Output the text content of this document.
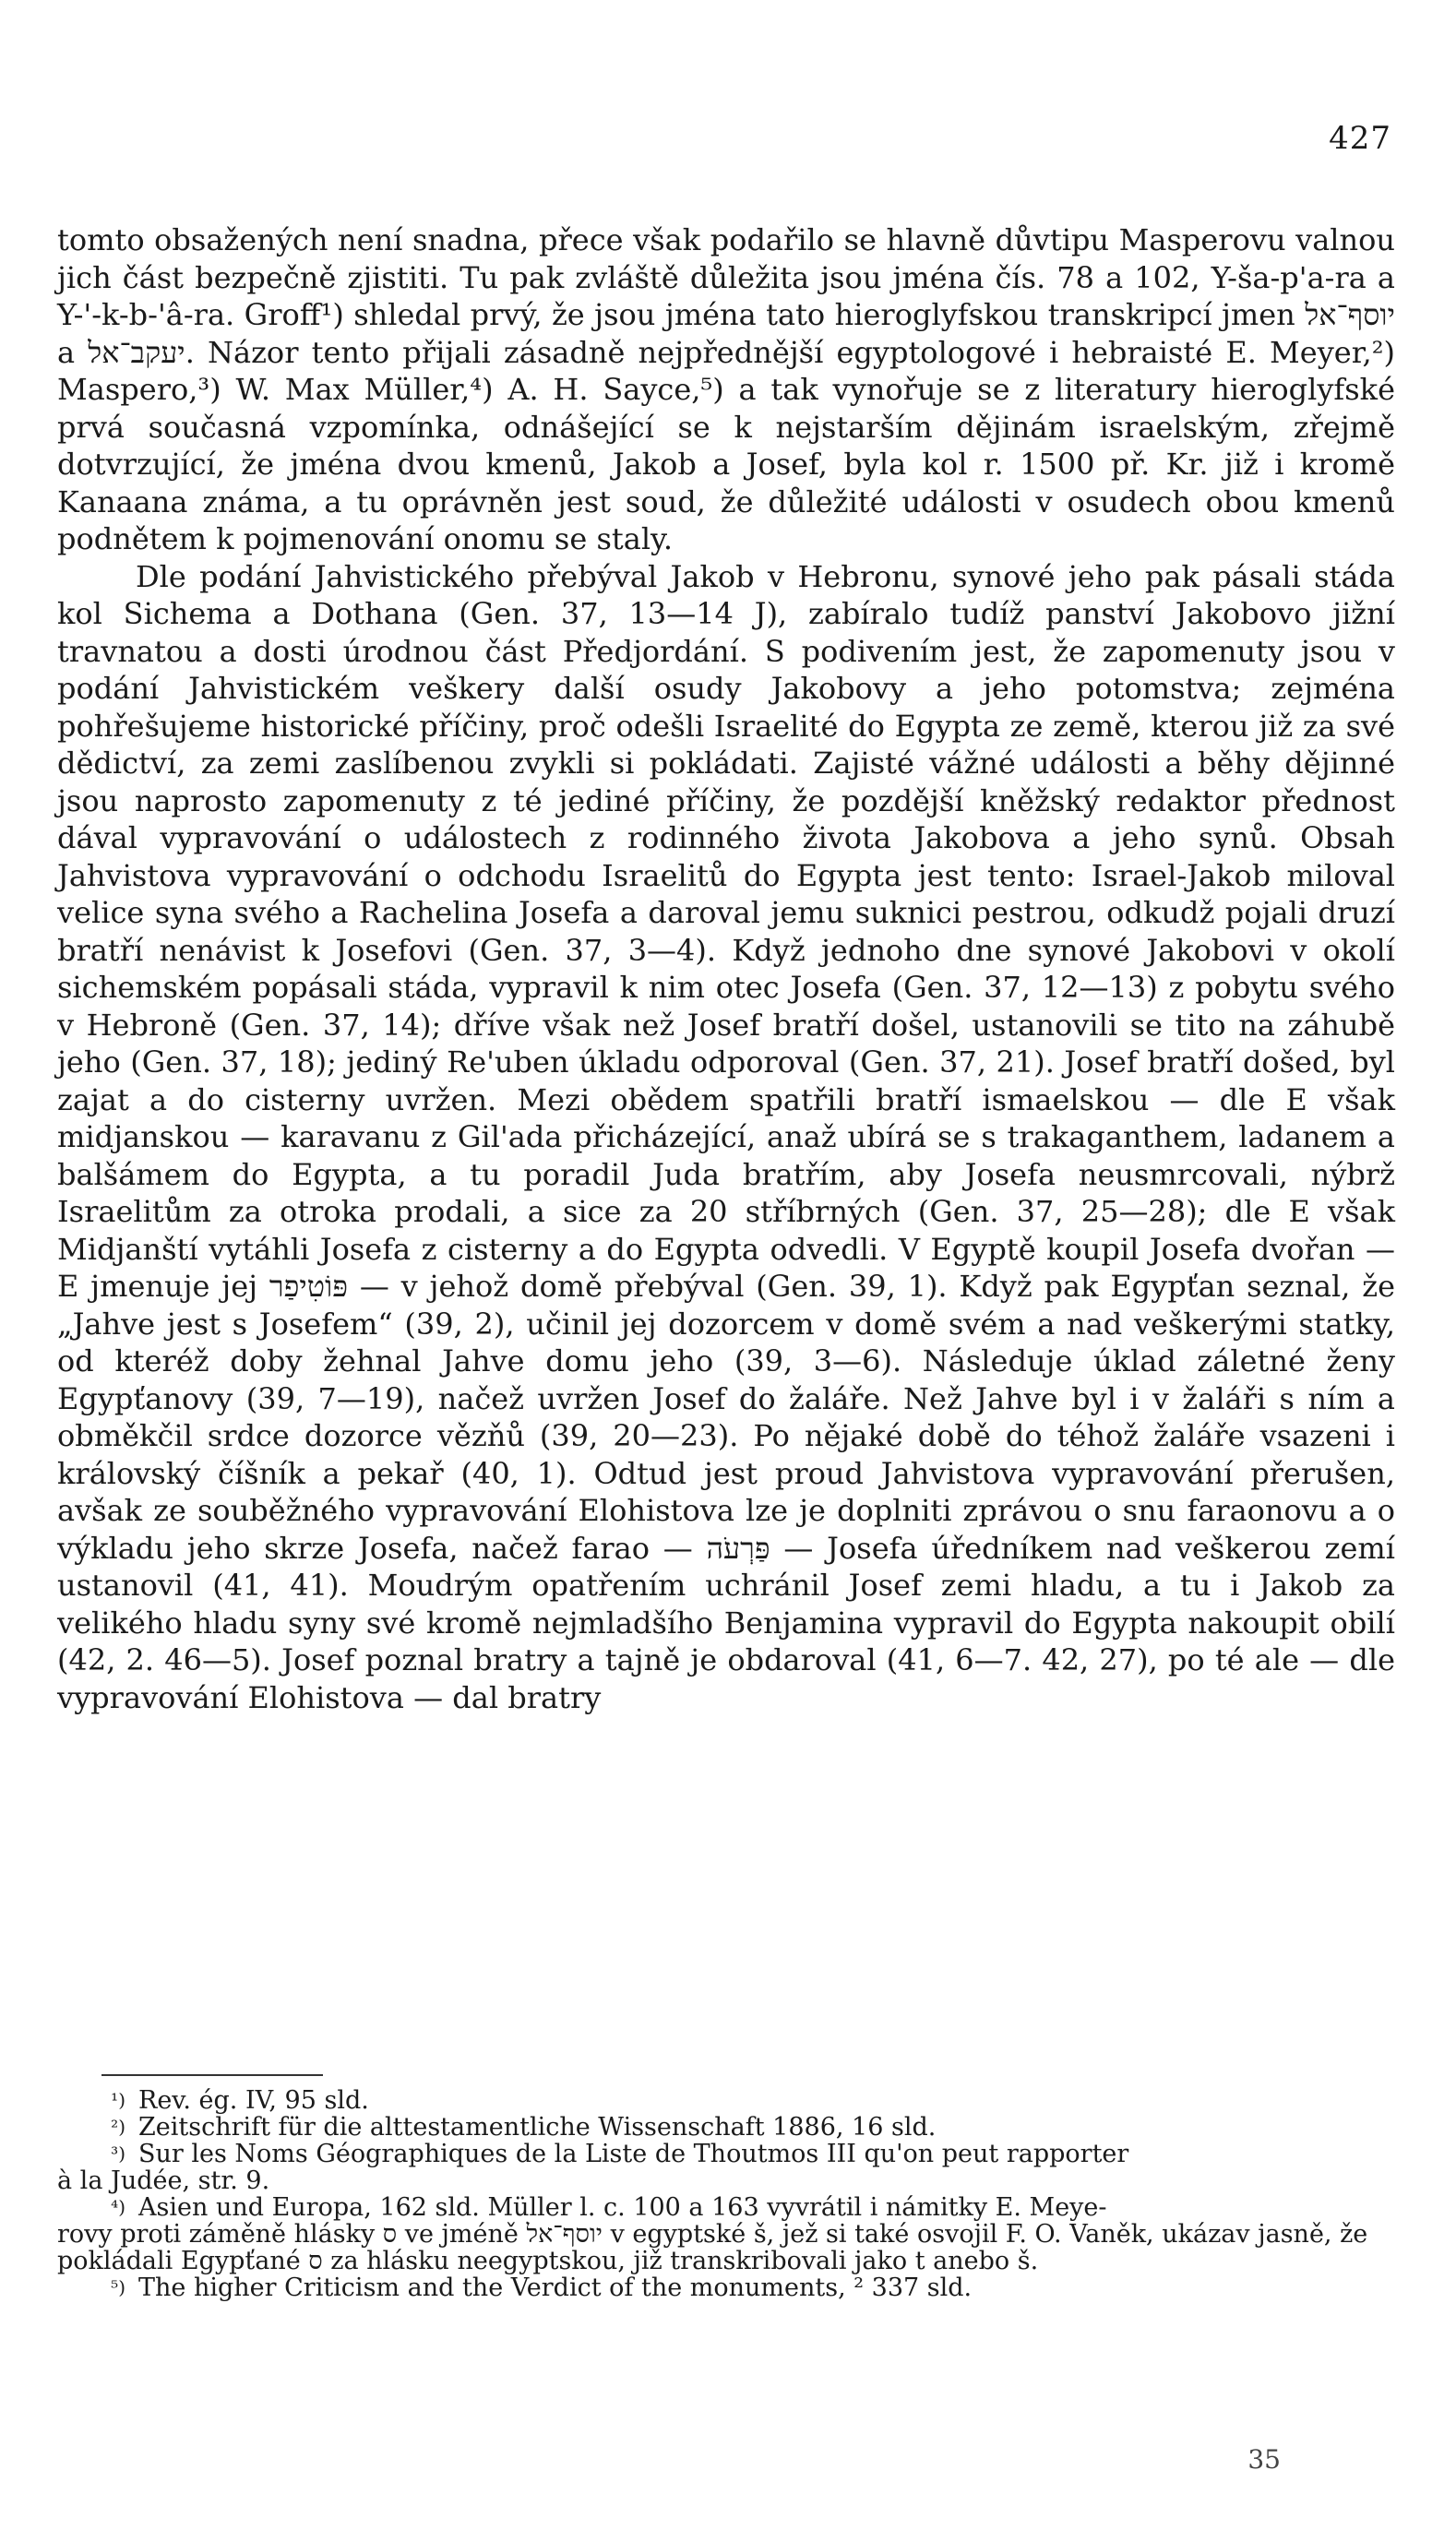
427

tomto obsažených není snadna, přece však podařilo se hlavně důvtipu Masperovu valnou jich část bezpečně zjistiti. Tu pak zvláště důležita jsou jména čís. 78 a 102, Y-ša-p'a-ra a Y-'-k-b-'â-ra. Groff¹) shledal prvý, že jsou jména tato hieroglyfskou transkripcí jmen יוסף־אל a יעקב־אל. Názor tento přijali zásadně nejpřednější egyptologové i hebraisté E. Meyer,²) Maspero,³) W. Max Müller,⁴) A. H. Sayce,⁵) a tak vynořuje se z literatury hieroglyfské prvá současná vzpomínka, odnášející se k nejstarším dějinám israelským, zřejmě dotvrzující, že jména dvou kmenů, Jakob a Josef, byla kol r. 1500 př. Kr. již i kromě Kanaana známa, a tu oprávněn jest soud, že důležité události v osudech obou kmenů podnětem k pojmenování onomu se staly.

Dle podání Jahvistického přebýval Jakob v Hebronu, synové jeho pak pásali stáda kol Sichema a Dothana (Gen. 37, 13—14 J), zabíralo tudíž panství Jakobovo jižní travnatou a dosti úrodnou část Předjordání. S podivením jest, že zapomenuty jsou v podání Jahvistickém veškery další osudy Jakobovy a jeho potomstva; zejména pohřešujeme historické příčiny, proč odešli Israelité do Egypta ze země, kterou již za své dědictví, za zemi zaslíbenou zvykli si pokládati. Zajisté vážné události a běhy dějinné jsou naprosto zapomenuty z té jediné příčiny, že pozdější kněžský redaktor přednost dával vypravování o událostech z rodinného života Jakobova a jeho synů. Obsah Jahvistova vypravování o odchodu Israelitů do Egypta jest tento: Israel-Jakob miloval velice syna svého a Rachelina Josefa a daroval jemu suknici pestrou, odkudž pojali druzí bratří nenávist k Josefovi (Gen. 37, 3—4). Když jednoho dne synové Jakobovi v okolí sichemském popásali stáda, vypravil k nim otec Josefa (Gen. 37, 12—13) z pobytu svého v Hebroně (Gen. 37, 14); dříve však než Josef bratří došel, ustanovili se tito na záhubě jeho (Gen. 37, 18); jediný Re'uben úkladu odporoval (Gen. 37, 21). Josef bratří došed, byl zajat a do cisterny uvržen. Mezi obědem spatřili bratří ismaelskou — dle E však midjanskou — karavanu z Gil'ada přicházející, anaž ubírá se s trakaganthem, ladanem a balšámem do Egypta, a tu poradil Juda bratřím, aby Josefa neusmrcovali, nýbrž Israelitům za otroka prodali, a sice za 20 stříbrných (Gen. 37, 25—28); dle E však Midjanští vytáhli Josefa z cisterny a do Egypta odvedli. V Egyptě koupil Josefa dvořan — E jmenuje jej פּוֹטִיפַר — v jehož domě přebýval (Gen. 39, 1). Když pak Egypťan seznal, že „Jahve jest s Josefem“ (39, 2), učinil jej dozorcem v domě svém a nad veškerými statky, od kteréž doby žehnal Jahve domu jeho (39, 3—6). Následuje úklad záletné ženy Egypťanovy (39, 7—19), načež uvržen Josef do žaláře. Než Jahve byl i v žaláři s ním a obměkčil srdce dozorce vězňů (39, 20—23). Po nějaké době do téhož žaláře vsazeni i královský číšník a pekař (40, 1). Odtud jest proud Jahvistova vypravování přerušen, avšak ze souběžného vypravování Elohistova lze je doplniti zprávou o snu faraonovu a o výkladu jeho skrze Josefa, načež farao — פַּרְעֹה — Josefa úředníkem nad veškerou zemí ustanovil (41, 41). Moudrým opatřením uchránil Josef zemi hladu, a tu i Jakob za velikého hladu syny své kromě nejmladšího Benjamina vypravil do Egypta nakoupit obilí (42, 2. 46—5). Josef poznal bratry a tajně je obdaroval (41, 6—7. 42, 27), po té ale — dle vypravování Elohistova — dal bratry

¹) Rev. ég. IV, 95 sld.
²) Zeitschrift für die alttestamentliche Wissenschaft 1886, 16 sld.
³) Sur les Noms Géographiques de la Liste de Thoutmos III qu'on peut rapporter
à la Judée, str. 9.
⁴) Asien und Europa, 162 sld. Müller l. c. 100 a 163 vyvrátil i námitky E. Meye-
rovy proti záměně hlásky ס ve jméně יוסף־אל v egyptské š, jež si také osvojil F. O. Vaněk, ukázav jasně, že pokládali Egypťané ס za hlásku neegyptskou, již transkribovali jako t anebo š.
⁵) The higher Criticism and the Verdict of the monuments, ² 337 sld.
35
